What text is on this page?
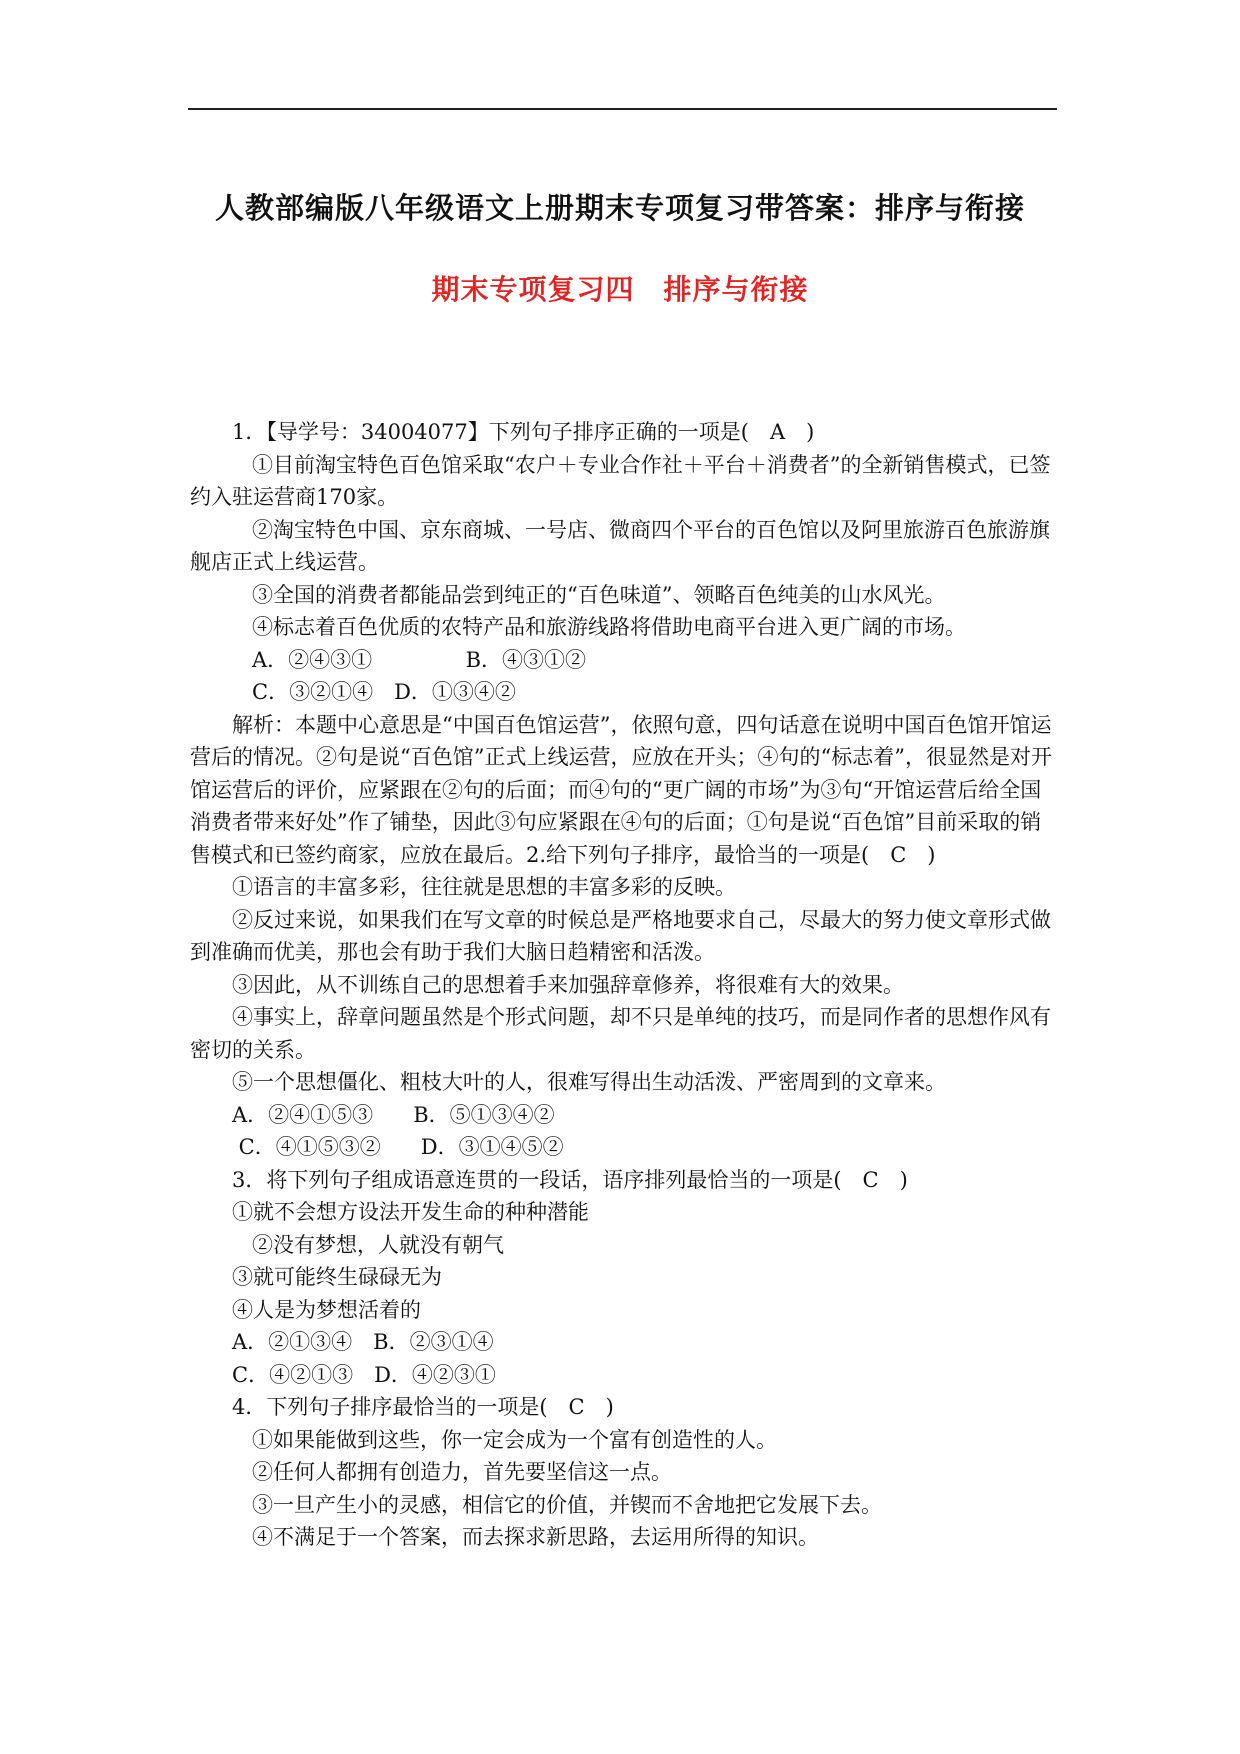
人教部编版八年级语文上册期末专项复习带答案：排序与衔接
期末专项复习四　排序与衔接

1．【导学号：34004077】下列句子排序正确的一项是(　A　)

①目前淘宝特色百色馆采取“农户＋专业合作社＋平台＋消费者”的全新销售模式，已签约入驻运营商170家。

②淘宝特色中国、京东商城、一号店、微商四个平台的百色馆以及阿里旅游百色旅游旗舰店正式上线运营。

③全国的消费者都能品尝到纯正的“百色味道”、领略百色纯美的山水风光。

④标志着百色优质的农特产品和旅游线路将借助电商平台进入更广阔的市场。

A．②④③①              B．④③①②

C．③②①④　D．①③④②

解析：本题中心意思是“中国百色馆运营”，依照句意，四句话意在说明中国百色馆开馆运营后的情况。②句是说“百色馆”正式上线运营，应放在开头；④句的“标志着”，很显然是对开馆运营后的评价，应紧跟在②句的后面；而④句的“更广阔的市场”为③句“开馆运营后给全国消费者带来好处”作了铺垫，因此③句应紧跟在④句的后面；①句是说“百色馆”目前采取的销售模式和已签约商家，应放在最后。2.给下列句子排序，最恰当的一项是(　C　)

①语言的丰富多彩，往往就是思想的丰富多彩的反映。

②反过来说，如果我们在写文章的时候总是严格地要求自己，尽最大的努力使文章形式做到准确而优美，那也会有助于我们大脑日趋精密和活泼。

③因此，从不训练自己的思想着手来加强辞章修养，将很难有大的效果。

④事实上，辞章问题虽然是个形式问题，却不只是单纯的技巧，而是同作者的思想作风有密切的关系。

⑤一个思想僵化、粗枝大叶的人，很难写得出生动活泼、严密周到的文章来。

A．②④①⑤③      B．⑤①③④②

C．④①⑤③②      D．③①④⑤②

3．将下列句子组成语意连贯的一段话，语序排列最恰当的一项是(　C　)

①就不会想方设法开发生命的种种潜能

②没有梦想，人就没有朝气

③就可能终生碌碌无为

④人是为梦想活着的

A．②①③④　B．②③①④

C．④②①③　D．④②③①

4．下列句子排序最恰当的一项是(　C　)

①如果能做到这些，你一定会成为一个富有创造性的人。

②任何人都拥有创造力，首先要坚信这一点。

③一旦产生小的灵感，相信它的价值，并锲而不舍地把它发展下去。

④不满足于一个答案，而去探求新思路，去运用所得的知识。
